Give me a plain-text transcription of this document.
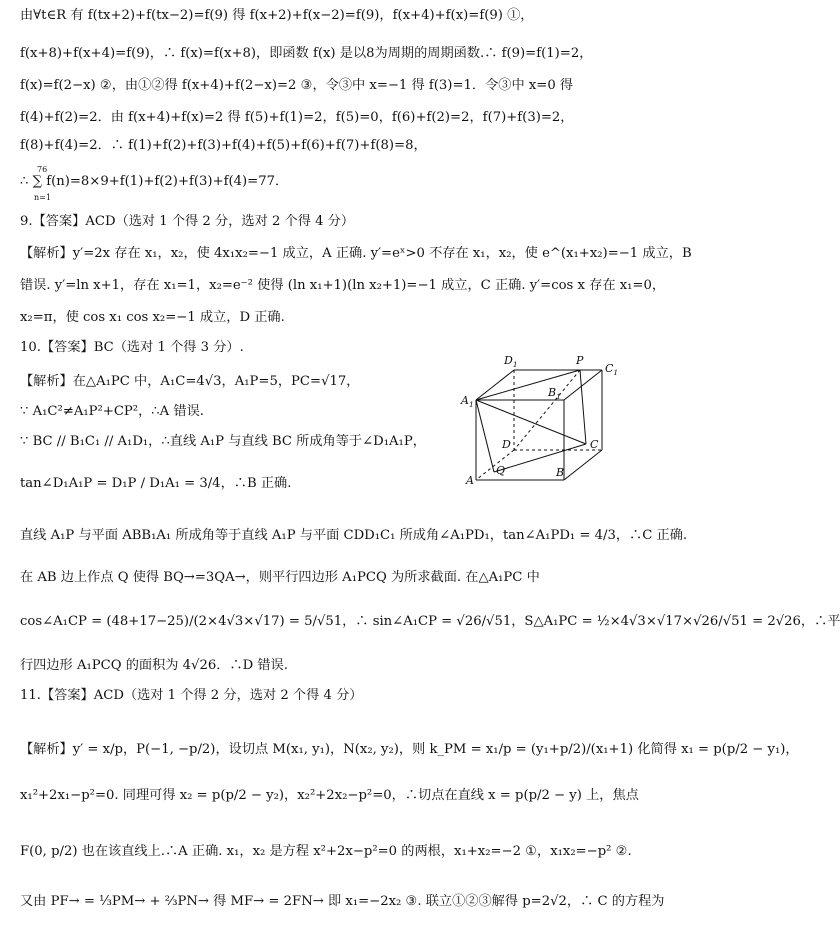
由∀t∈R 有 f(tx+2)+f(tx−2)=f(9) 得 f(x+2)+f(x−2)=f(9)，f(x+4)+f(x)=f(9) ①，
f(x+8)+f(x+4)=f(9)，∴ f(x)=f(x+8)，即函数 f(x) 是以8为周期的周期函数.∴ f(9)=f(1)=2，
f(x)=f(2−x) ②，由①②得 f(x+4)+f(2−x)=2 ③，令③中 x=−1 得 f(3)=1．令③中 x=0 得
f(4)+f(2)=2．由 f(x+4)+f(x)=2 得 f(5)+f(1)=2，f(5)=0，f(6)+f(2)=2，f(7)+f(3)=2，
f(8)+f(4)=2．∴ f(1)+f(2)+f(3)+f(4)+f(5)+f(6)+f(7)+f(8)=8，
76
n=1
∴ ∑ f(n)=8×9+f(1)+f(2)+f(3)+f(4)=77．
9.【答案】ACD（选对 1 个得 2 分，选对 2 个得 4 分）
【解析】y′=2x 存在 x₁，x₂，使 4x₁x₂=−1 成立，A 正确. y′=eˣ>0 不存在 x₁，x₂，使 e^(x₁+x₂)=−1 成立，B
错误. y′=ln x+1，存在 x₁=1，x₂=e⁻² 使得 (ln x₁+1)(ln x₂+1)=−1 成立，C 正确. y′=cos x 存在 x₁=0，
x₂=π，使 cos x₁ cos x₂=−1 成立，D 正确.
10.【答案】BC（选对 1 个得 3 分）.
【解析】在△A₁PC 中，A₁C=4√3，A₁P=5，PC=√17，
∵ A₁C²≠A₁P²+CP²，∴A 错误.
∵ BC // B₁C₁ // A₁D₁，∴直线 A₁P 与直线 BC 所成角等于∠D₁A₁P，
tan∠D₁A₁P = D₁P / D₁A₁ = 3/4，∴B 正确.
$D_1$	P
$C_1$
$A_1$
$B_1$
D	C
Q
A
B
直线 A₁P 与平面 ABB₁A₁ 所成角等于直线 A₁P 与平面 CDD₁C₁ 所成角∠A₁PD₁，tan∠A₁PD₁ = 4/3，∴C 正确.
在 AB 边上作点 Q 使得 BQ→=3QA→，则平行四边形 A₁PCQ 为所求截面. 在△A₁PC 中
cos∠A₁CP = (48+17−25)/(2×4√3×√17) = 5/√51，∴ sin∠A₁CP = √26/√51，S△A₁PC = ½×4√3×√17×√26/√51 = 2√26，∴平
行四边形 A₁PCQ 的面积为 4√26．∴D 错误.
11.【答案】ACD（选对 1 个得 2 分，选对 2 个得 4 分）
【解析】y′ = x/p，P(−1, −p/2)，设切点 M(x₁, y₁)，N(x₂, y₂)，则 k_PM = x₁/p = (y₁+p/2)/(x₁+1) 化简得 x₁ = p(p/2 − y₁)，
x₁²+2x₁−p²=0. 同理可得 x₂ = p(p/2 − y₂)，x₂²+2x₂−p²=0，∴切点在直线 x = p(p/2 − y) 上，焦点
F(0, p/2) 也在该直线上.∴A 正确. x₁，x₂ 是方程 x²+2x−p²=0 的两根，x₁+x₂=−2 ①，x₁x₂=−p² ②.
又由 PF→ = ⅓PM→ + ⅔PN→ 得 MF→ = 2FN→ 即 x₁=−2x₂ ③. 联立①②③解得 p=2√2，∴ C 的方程为
